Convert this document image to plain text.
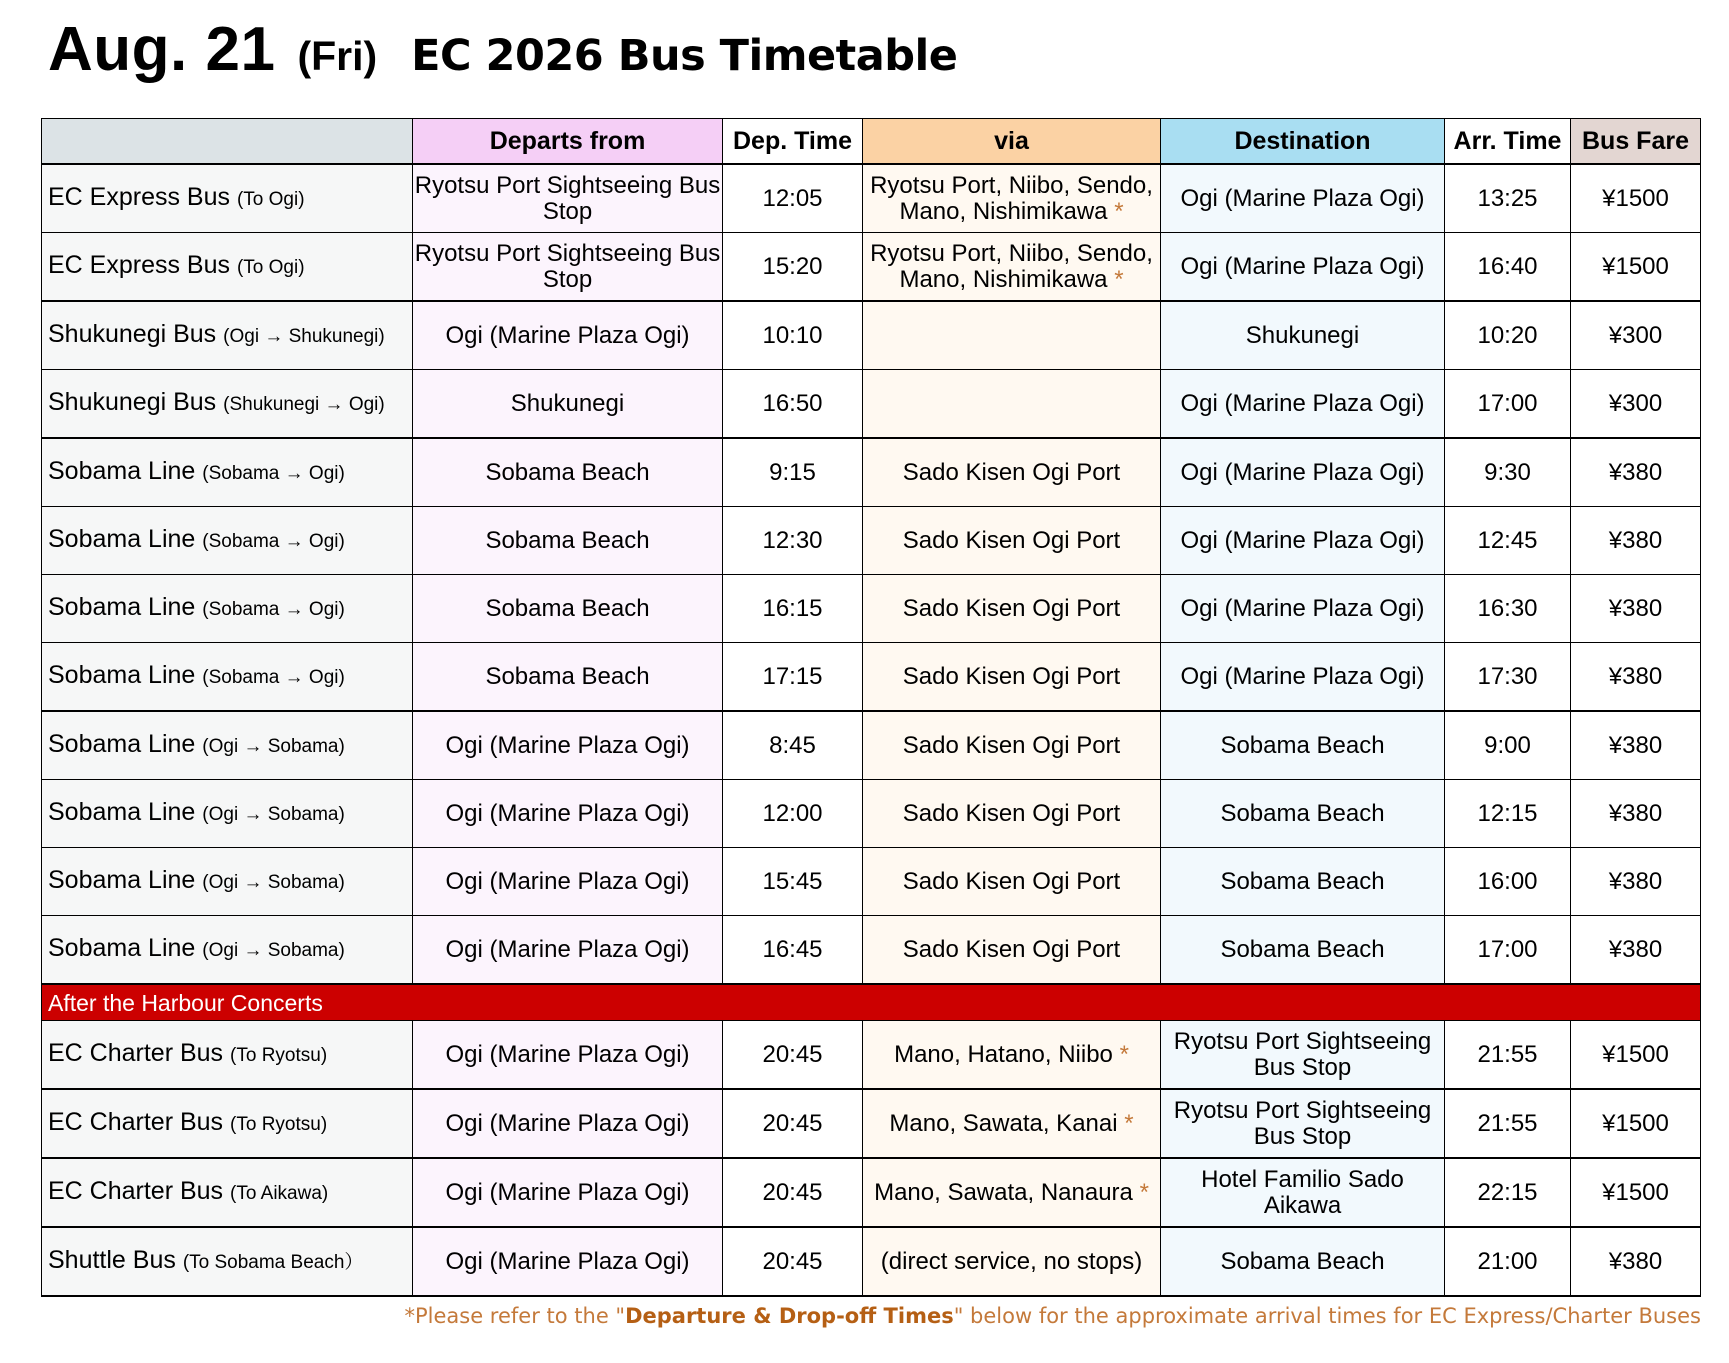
Aug. 21 (Fri) EC 2026 Bus Timetable
	Departs from	Dep. Time	via	Destination	Arr. Time	Bus Fare
EC Express Bus (To Ogi)	Ryotsu Port Sightseeing Bus Stop	12:05	Ryotsu Port, Niibo, Sendo, Mano, Nishimikawa *	Ogi (Marine Plaza Ogi)	13:25	¥1500
EC Express Bus (To Ogi)	Ryotsu Port Sightseeing Bus Stop	15:20	Ryotsu Port, Niibo, Sendo, Mano, Nishimikawa *	Ogi (Marine Plaza Ogi)	16:40	¥1500
Shukunegi Bus (Ogi → Shukunegi)	Ogi (Marine Plaza Ogi)	10:10		Shukunegi	10:20	¥300
Shukunegi Bus (Shukunegi → Ogi)	Shukunegi	16:50		Ogi (Marine Plaza Ogi)	17:00	¥300
Sobama Line (Sobama → Ogi)	Sobama Beach	9:15	Sado Kisen Ogi Port	Ogi (Marine Plaza Ogi)	9:30	¥380
Sobama Line (Sobama → Ogi)	Sobama Beach	12:30	Sado Kisen Ogi Port	Ogi (Marine Plaza Ogi)	12:45	¥380
Sobama Line (Sobama → Ogi)	Sobama Beach	16:15	Sado Kisen Ogi Port	Ogi (Marine Plaza Ogi)	16:30	¥380
Sobama Line (Sobama → Ogi)	Sobama Beach	17:15	Sado Kisen Ogi Port	Ogi (Marine Plaza Ogi)	17:30	¥380
Sobama Line (Ogi → Sobama)	Ogi (Marine Plaza Ogi)	8:45	Sado Kisen Ogi Port	Sobama Beach	9:00	¥380
Sobama Line (Ogi → Sobama)	Ogi (Marine Plaza Ogi)	12:00	Sado Kisen Ogi Port	Sobama Beach	12:15	¥380
Sobama Line (Ogi → Sobama)	Ogi (Marine Plaza Ogi)	15:45	Sado Kisen Ogi Port	Sobama Beach	16:00	¥380
Sobama Line (Ogi → Sobama)	Ogi (Marine Plaza Ogi)	16:45	Sado Kisen Ogi Port	Sobama Beach	17:00	¥380
After the Harbour Concerts						
EC Charter Bus (To Ryotsu)	Ogi (Marine Plaza Ogi)	20:45	Mano, Hatano, Niibo *	Ryotsu Port Sightseeing Bus Stop	21:55	¥1500
EC Charter Bus (To Ryotsu)	Ogi (Marine Plaza Ogi)	20:45	Mano, Sawata, Kanai *	Ryotsu Port Sightseeing Bus Stop	21:55	¥1500
EC Charter Bus (To Aikawa)	Ogi (Marine Plaza Ogi)	20:45	Mano, Sawata, Nanaura *	Hotel Familio Sado Aikawa	22:15	¥1500
Shuttle Bus (To Sobama Beach）	Ogi (Marine Plaza Ogi)	20:45	(direct service, no stops)	Sobama Beach	21:00	¥380
*Please refer to the "Departure & Drop-off Times" below for the approximate arrival times for EC Express/Charter Buses
